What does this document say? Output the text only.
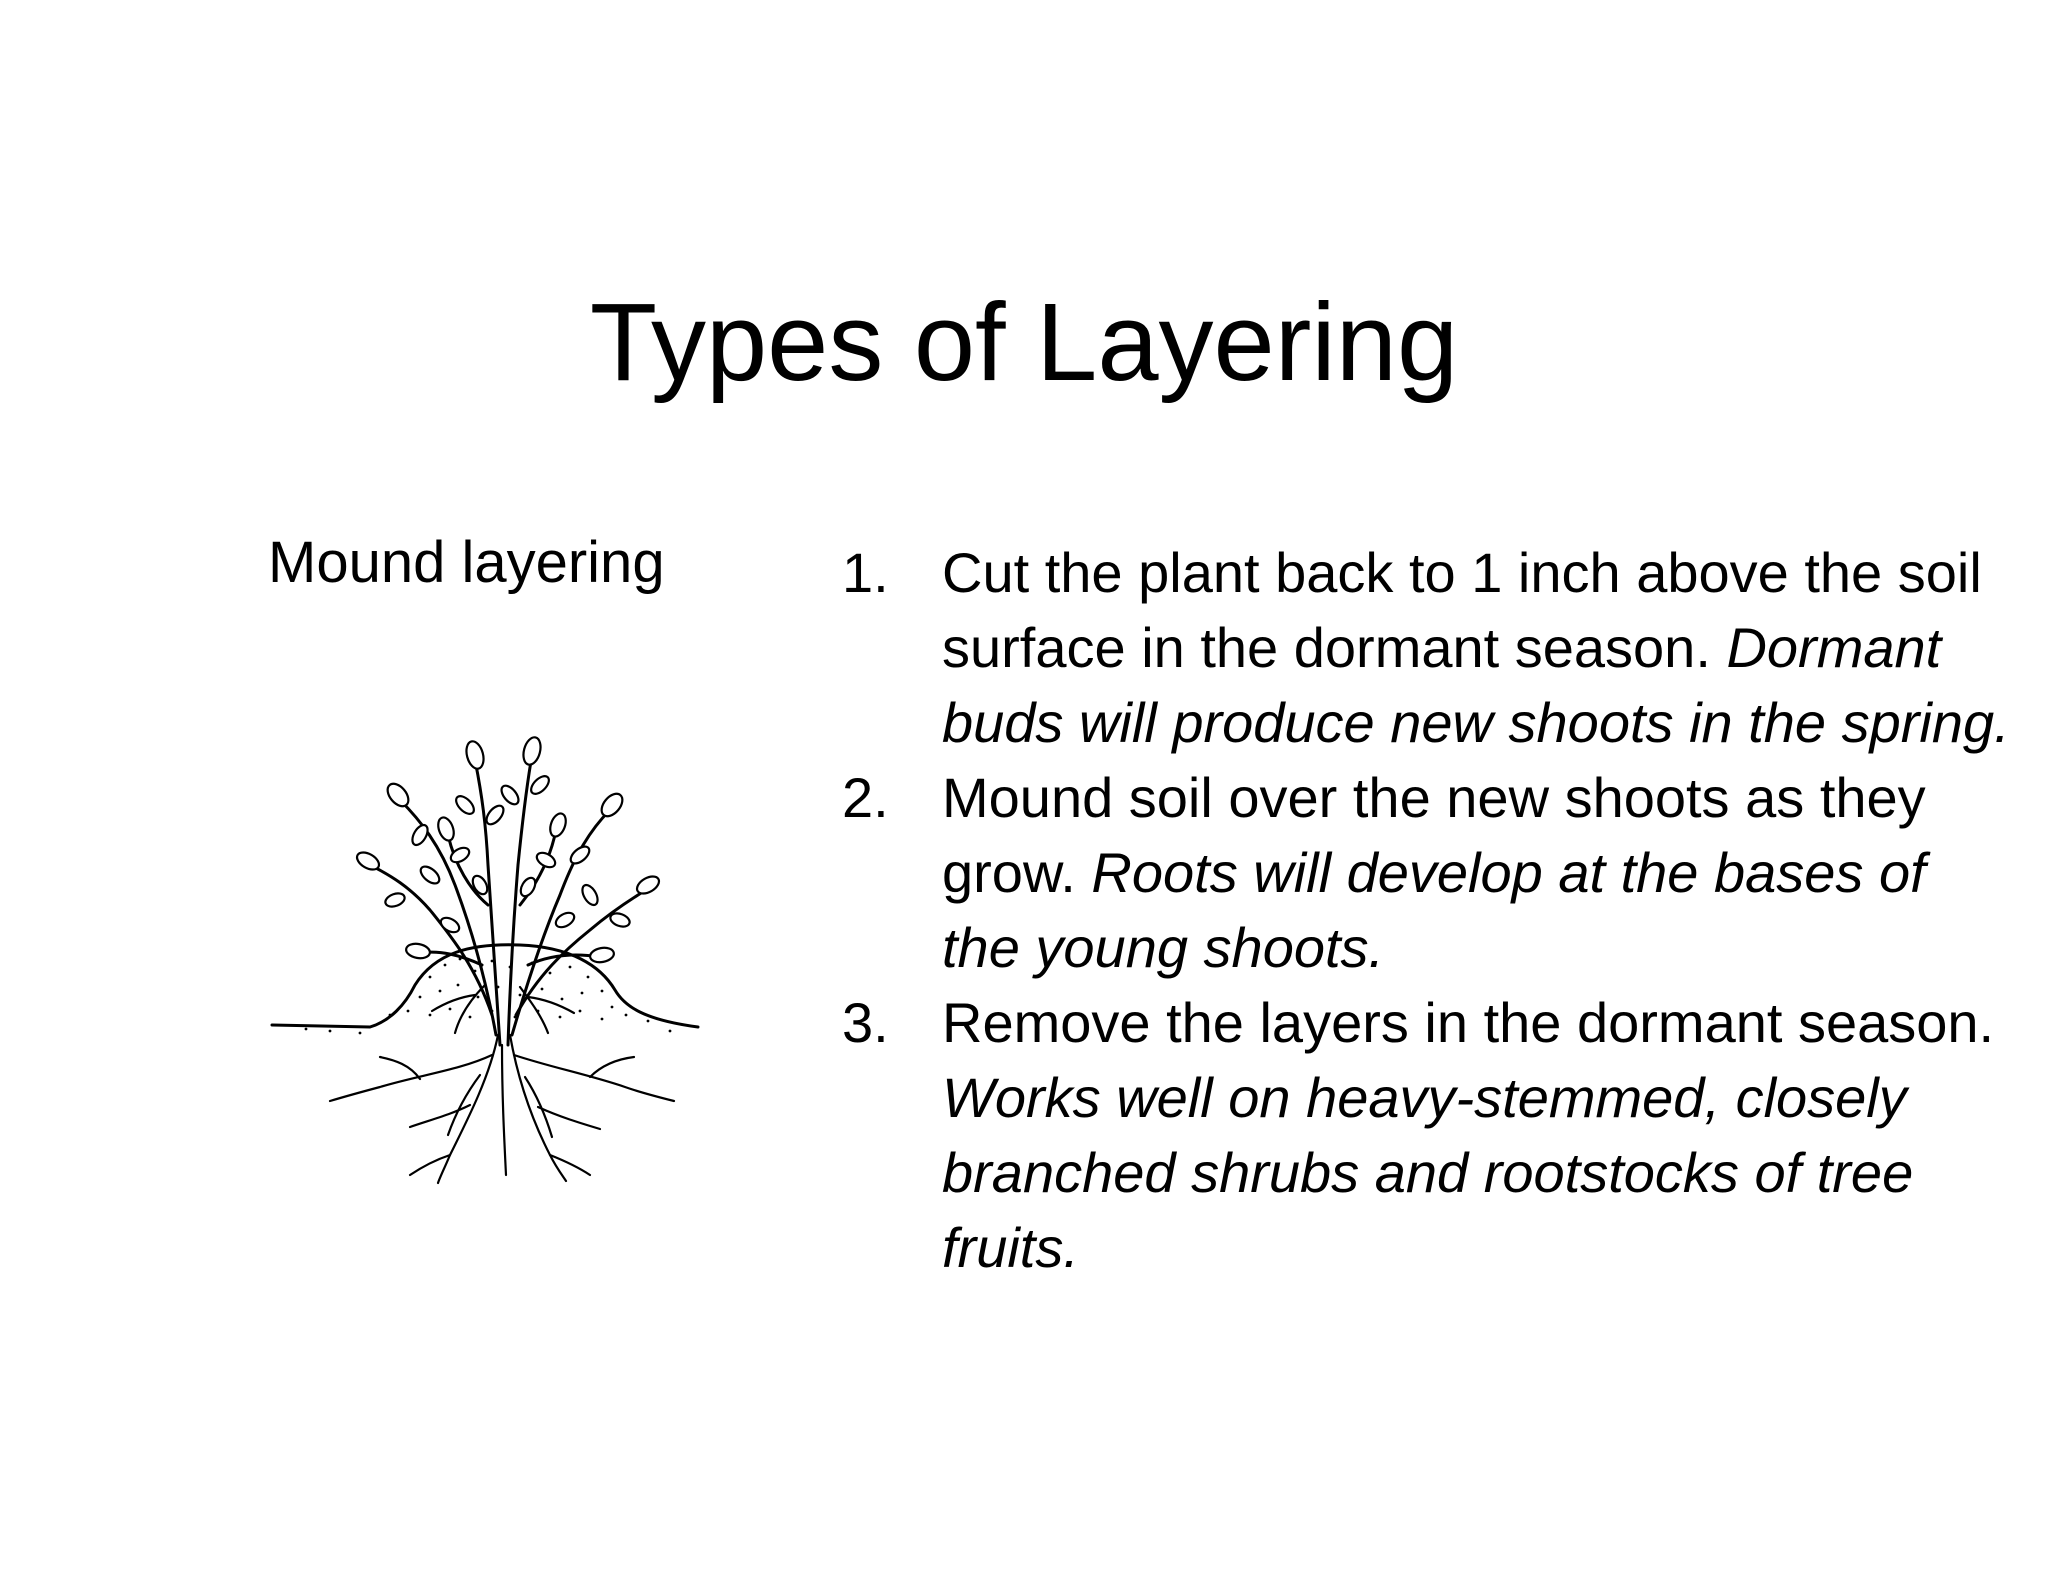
Types of Layering
Mound layering	1. Cut the plant back to 1 inch above the soil surface in the dormant season. Dormant buds will produce new shoots in the spring.
2. Mound soil over the new shoots as they grow. Roots will develop at the bases of the young shoots.
3. Remove the layers in the dormant season. Works well on heavy-stemmed, closely branched shrubs and rootstocks of tree fruits.
